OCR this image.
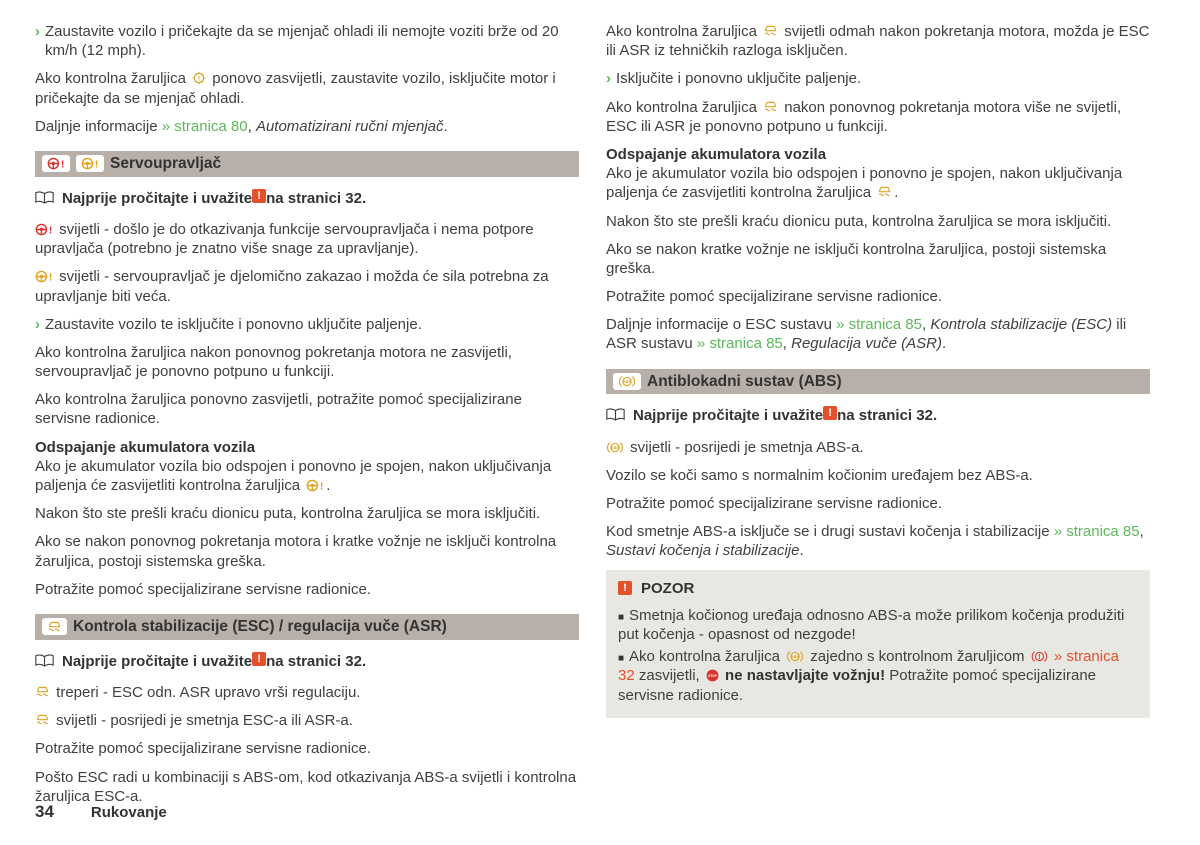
› Zaustavite vozilo i pričekajte da se mjenjač ohladi ili nemojte voziti brže od 20 km/h (12 mph).

Ako kontrolna žaruljica ! ponovo zasvijetli, zaustavite vozilo, isključite motor i pričekajte da se mjenjač ohladi.

Daljnje informacije » stranica 80, Automatizirani ručni mjenjač.

! ! Servoupravljač

Najprije pročitajte i uvažite ! na stranici 32.

! svijetli - došlo je do otkazivanja funkcije servoupravljača i nema potpore upravljača (potrebno je znatno više snage za upravljanje).

! svijetli - servoupravljač je djelomično zakazao i možda će sila potrebna za upravljanje biti veća.

› Zaustavite vozilo te isključite i ponovno uključite paljenje.

Ako kontrolna žaruljica nakon ponovnog pokretanja motora ne zasvijetli, servoupravljač je ponovno potpuno u funkciji.

Ako kontrolna žaruljica ponovno zasvijetli, potražite pomoć specijalizirane servisne radionice.

Odspajanje akumulatora vozila
Ako je akumulator vozila bio odspojen i ponovno je spojen, nakon uključivanja paljenja će zasvijetliti kontrolna žaruljica ! .

Nakon što ste prešli kraću dionicu puta, kontrolna žaruljica se mora isključiti.

Ako se nakon ponovnog pokretanja motora i kratke vožnje ne isključi kontrolna žaruljica, postoji sistemska greška.

Potražite pomoć specijalizirane servisne radionice.

Kontrola stabilizacije (ESC) / regulacija vuče (ASR)

Najprije pročitajte i uvažite ! na stranici 32.

treperi - ESC odn. ASR upravo vrši regulaciju.

svijetli - posrijedi je smetnja ESC-a ili ASR-a.

Potražite pomoć specijalizirane servisne radionice.

Pošto ESC radi u kombinaciji s ABS-om, kod otkazivanja ABS-a svijetli i kontrolna žaruljica ESC-a.

Ako kontrolna žaruljica
svijetli odmah nakon pokretanja motora, možda je ESC ili ASR iz tehničkih razloga isključen.

› Isključite i ponovno uključite paljenje.

Ako kontrolna žaruljica
nakon ponovnog pokretanja motora više ne svijetli, ESC ili ASR je ponovno potpuno u funkciji.

Odspajanje akumulatora vozila
Ako je akumulator vozila bio odspojen i ponovno je spojen, nakon uključivanja paljenja će zasvijetliti kontrolna žaruljica
.

Nakon što ste prešli kraću dionicu puta, kontrolna žaruljica se mora isključiti.

Ako se nakon kratke vožnje ne isključi kontrolna žaruljica, postoji sistemska greška.

Potražite pomoć specijalizirane servisne radionice.

Daljnje informacije o ESC sustavu » stranica 85, Kontrola stabilizacije (ESC) ili ASR sustavu » stranica 85, Regulacija vuče (ASR).

ABS Antiblokadni sustav (ABS)

Najprije pročitajte i uvažite ! na stranici 32.

ABS svijetli - posrijedi je smetnja ABS-a.

Vozilo se koči samo s normalnim kočionim uređajem bez ABS-a.

Potražite pomoć specijalizirane servisne radionice.

Kod smetnje ABS-a isključe se i drugi sustavi kočenja i stabilizacije » stranica 85, Sustavi kočenja i stabilizacije.

! POZOR

■ Smetnja kočionog uređaja odnosno ABS-a može prilikom kočenja produžiti put kočenja - opasnost od nezgode!

■ Ako kontrolna žaruljica ABS zajedno s kontrolnom žaruljicom ! » stranica 32 zasvijetli, STOP ne nastavljajte vožnju! Potražite pomoć specijalizirane servisne radionice.

34 Rukovanje
